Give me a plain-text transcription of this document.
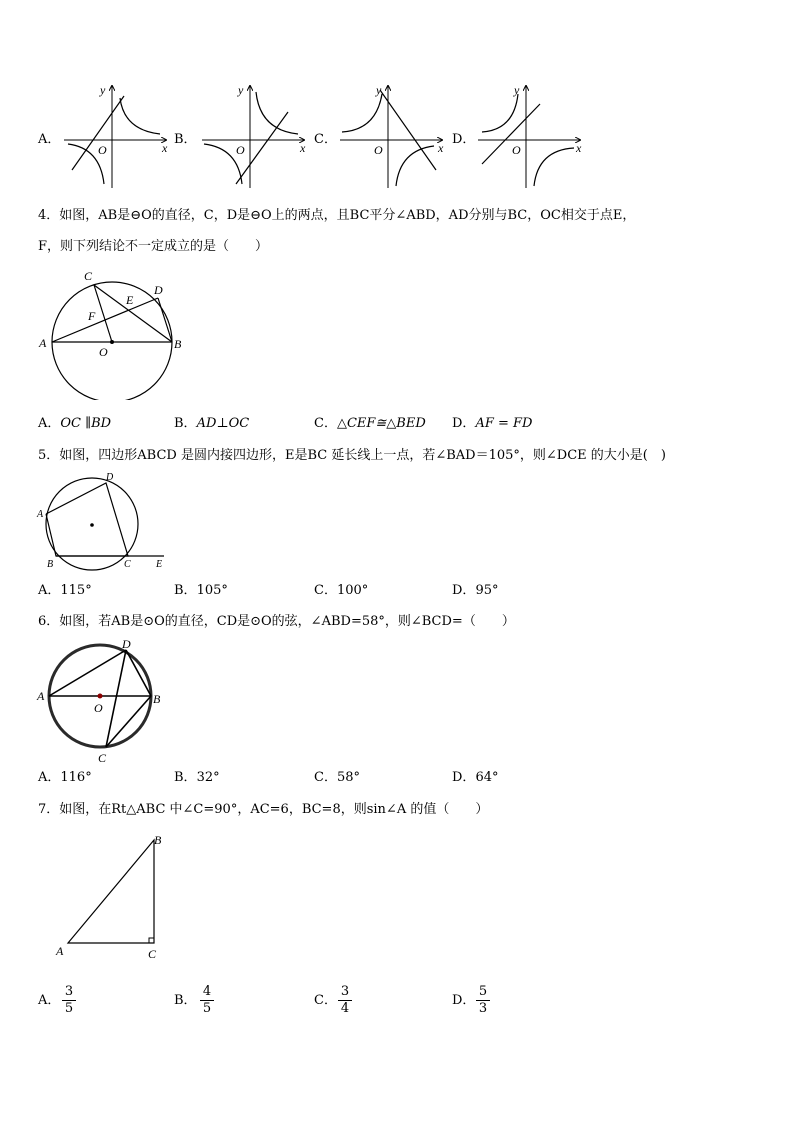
A．	B．	C．	D．
y
x
O
y
x
O
y
x
O
y
x
O
4．如图，AB是⊖O的直径，C，D是⊖O上的两点，且BC平分∠ABD，AD分别与BC，OC相交于点E，
F，则下列结论不一定成立的是（　　）
A	B
C
D
E
F
O
A．OC ∥BD	B．AD⊥OC	C．△CEF≅△BED D．AF = FD
5．如图，四边形ABCD 是圆内接四边形，E是BC 延长线上一点，若∠BAD＝105°，则∠DCE 的大小是(　)
A
B	C
D
E
A．115°	B．105°	C．100°	D．95°
6．如图，若AB是⊙O的直径，CD是⊙O的弦，∠ABD=58°，则∠BCD=（　　）
A	B
C
D
O
A．116°	B．32°	C．58°	D．64°
7．如图，在Rt△ABC 中∠C=90°，AC=6，BC=8，则sin∠A 的值（　　）
A
B
C
A． $\frac{3}{5}$	B． $\frac{4}{5}$	C． $\frac{3}{4}$	D． $\frac{5}{3}$
